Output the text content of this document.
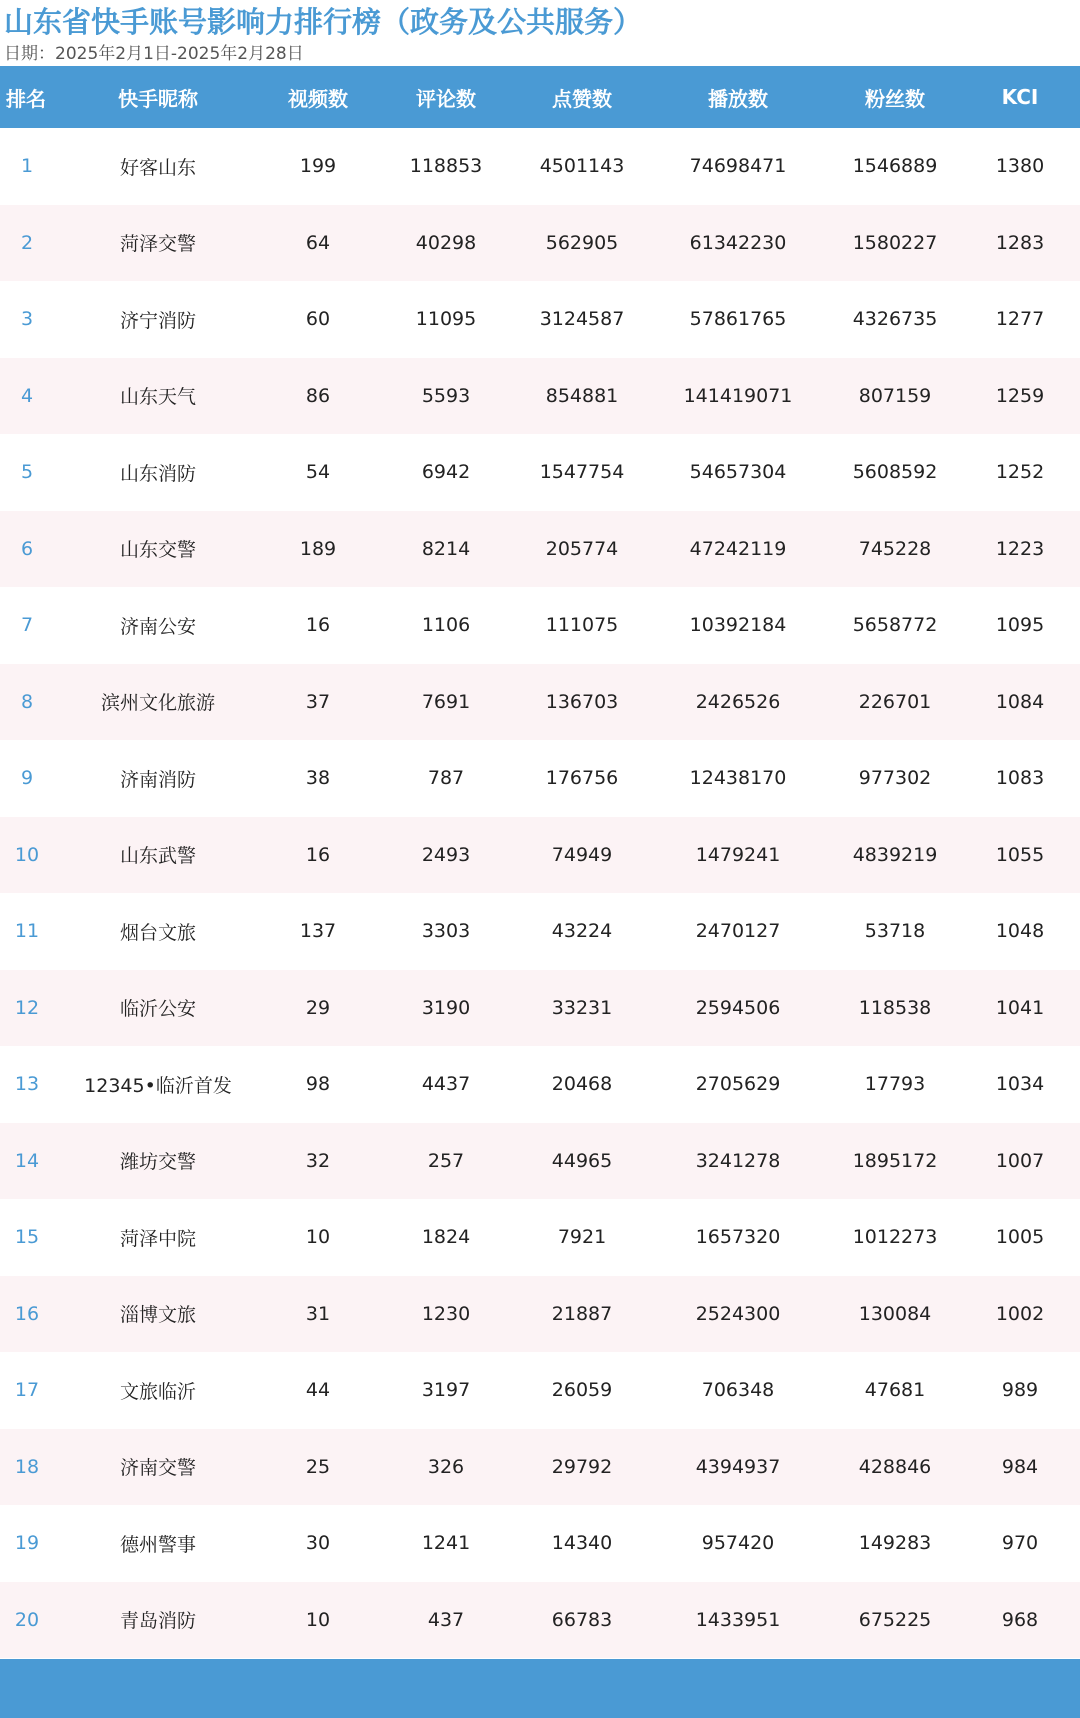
山东省快手账号影响力排行榜（政务及公共服务）
日期：2025年2月1日-2025年2月28日
排名	快手昵称	视频数	评论数	点赞数	播放数	粉丝数	KCI
1	好客山东	199	118853	4501143	74698471	1546889	1380
2	菏泽交警	64	40298	562905	61342230	1580227	1283
3	济宁消防	60	11095	3124587	57861765	4326735	1277
4	山东天气	86	5593	854881	141419071	807159	1259
5	山东消防	54	6942	1547754	54657304	5608592	1252
6	山东交警	189	8214	205774	47242119	745228	1223
7	济南公安	16	1106	111075	10392184	5658772	1095
8	滨州文化旅游	37	7691	136703	2426526	226701	1084
9	济南消防	38	787	176756	12438170	977302	1083
10	山东武警	16	2493	74949	1479241	4839219	1055
11	烟台文旅	137	3303	43224	2470127	53718	1048
12	临沂公安	29	3190	33231	2594506	118538	1041
13	12345•临沂首发	98	4437	20468	2705629	17793	1034
14	潍坊交警	32	257	44965	3241278	1895172	1007
15	菏泽中院	10	1824	7921	1657320	1012273	1005
16	淄博文旅	31	1230	21887	2524300	130084	1002
17	文旅临沂	44	3197	26059	706348	47681	989
18	济南交警	25	326	29792	4394937	428846	984
19	德州警事	30	1241	14340	957420	149283	970
20	青岛消防	10	437	66783	1433951	675225	968
